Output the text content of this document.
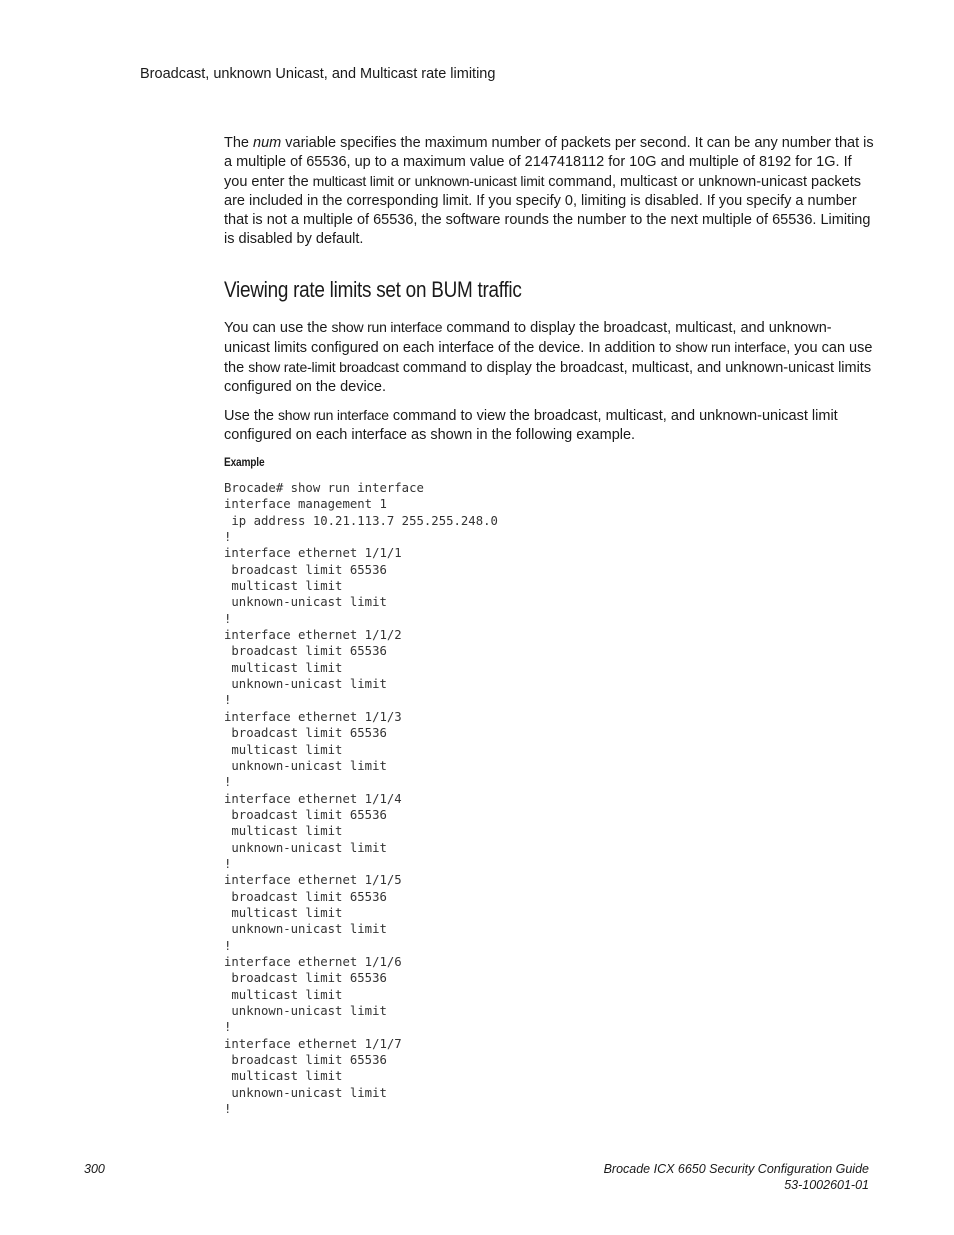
Broadcast, unknown Unicast, and Multicast rate limiting

The num variable specifies the maximum number of packets per second. It can be any number that is a multiple of 65536, up to a maximum value of 2147418112 for 10G and multiple of 8192 for 1G. If you enter the multicast limit or unknown-unicast limit command, multicast or unknown-unicast packets are included in the corresponding limit. If you specify 0, limiting is disabled. If you specify a number that is not a multiple of 65536, the software rounds the number to the next multiple of 65536. Limiting is disabled by default.

Viewing rate limits set on BUM traffic

You can use the show run interface command to display the broadcast, multicast, and unknown-unicast limits configured on each interface of the device. In addition to show run interface, you can use the show rate-limit broadcast command to display the broadcast, multicast, and unknown-unicast limits configured on the device.

Use the show run interface command to view the broadcast, multicast, and unknown-unicast limit configured on each interface as shown in the following example.

Example
Brocade# show run interface
interface management 1
ip address 10.21.113.7 255.255.248.0
!
interface ethernet 1/1/1
broadcast limit 65536
multicast limit
unknown-unicast limit
!
interface ethernet 1/1/2
broadcast limit 65536
multicast limit
unknown-unicast limit
!
interface ethernet 1/1/3
broadcast limit 65536
multicast limit
unknown-unicast limit
!
interface ethernet 1/1/4
broadcast limit 65536
multicast limit
unknown-unicast limit
!
interface ethernet 1/1/5
broadcast limit 65536
multicast limit
unknown-unicast limit
!
interface ethernet 1/1/6
broadcast limit 65536
multicast limit
unknown-unicast limit
!
interface ethernet 1/1/7
broadcast limit 65536
multicast limit
unknown-unicast limit
!
300	Brocade ICX 6650 Security Configuration Guide
53-1002601-01
